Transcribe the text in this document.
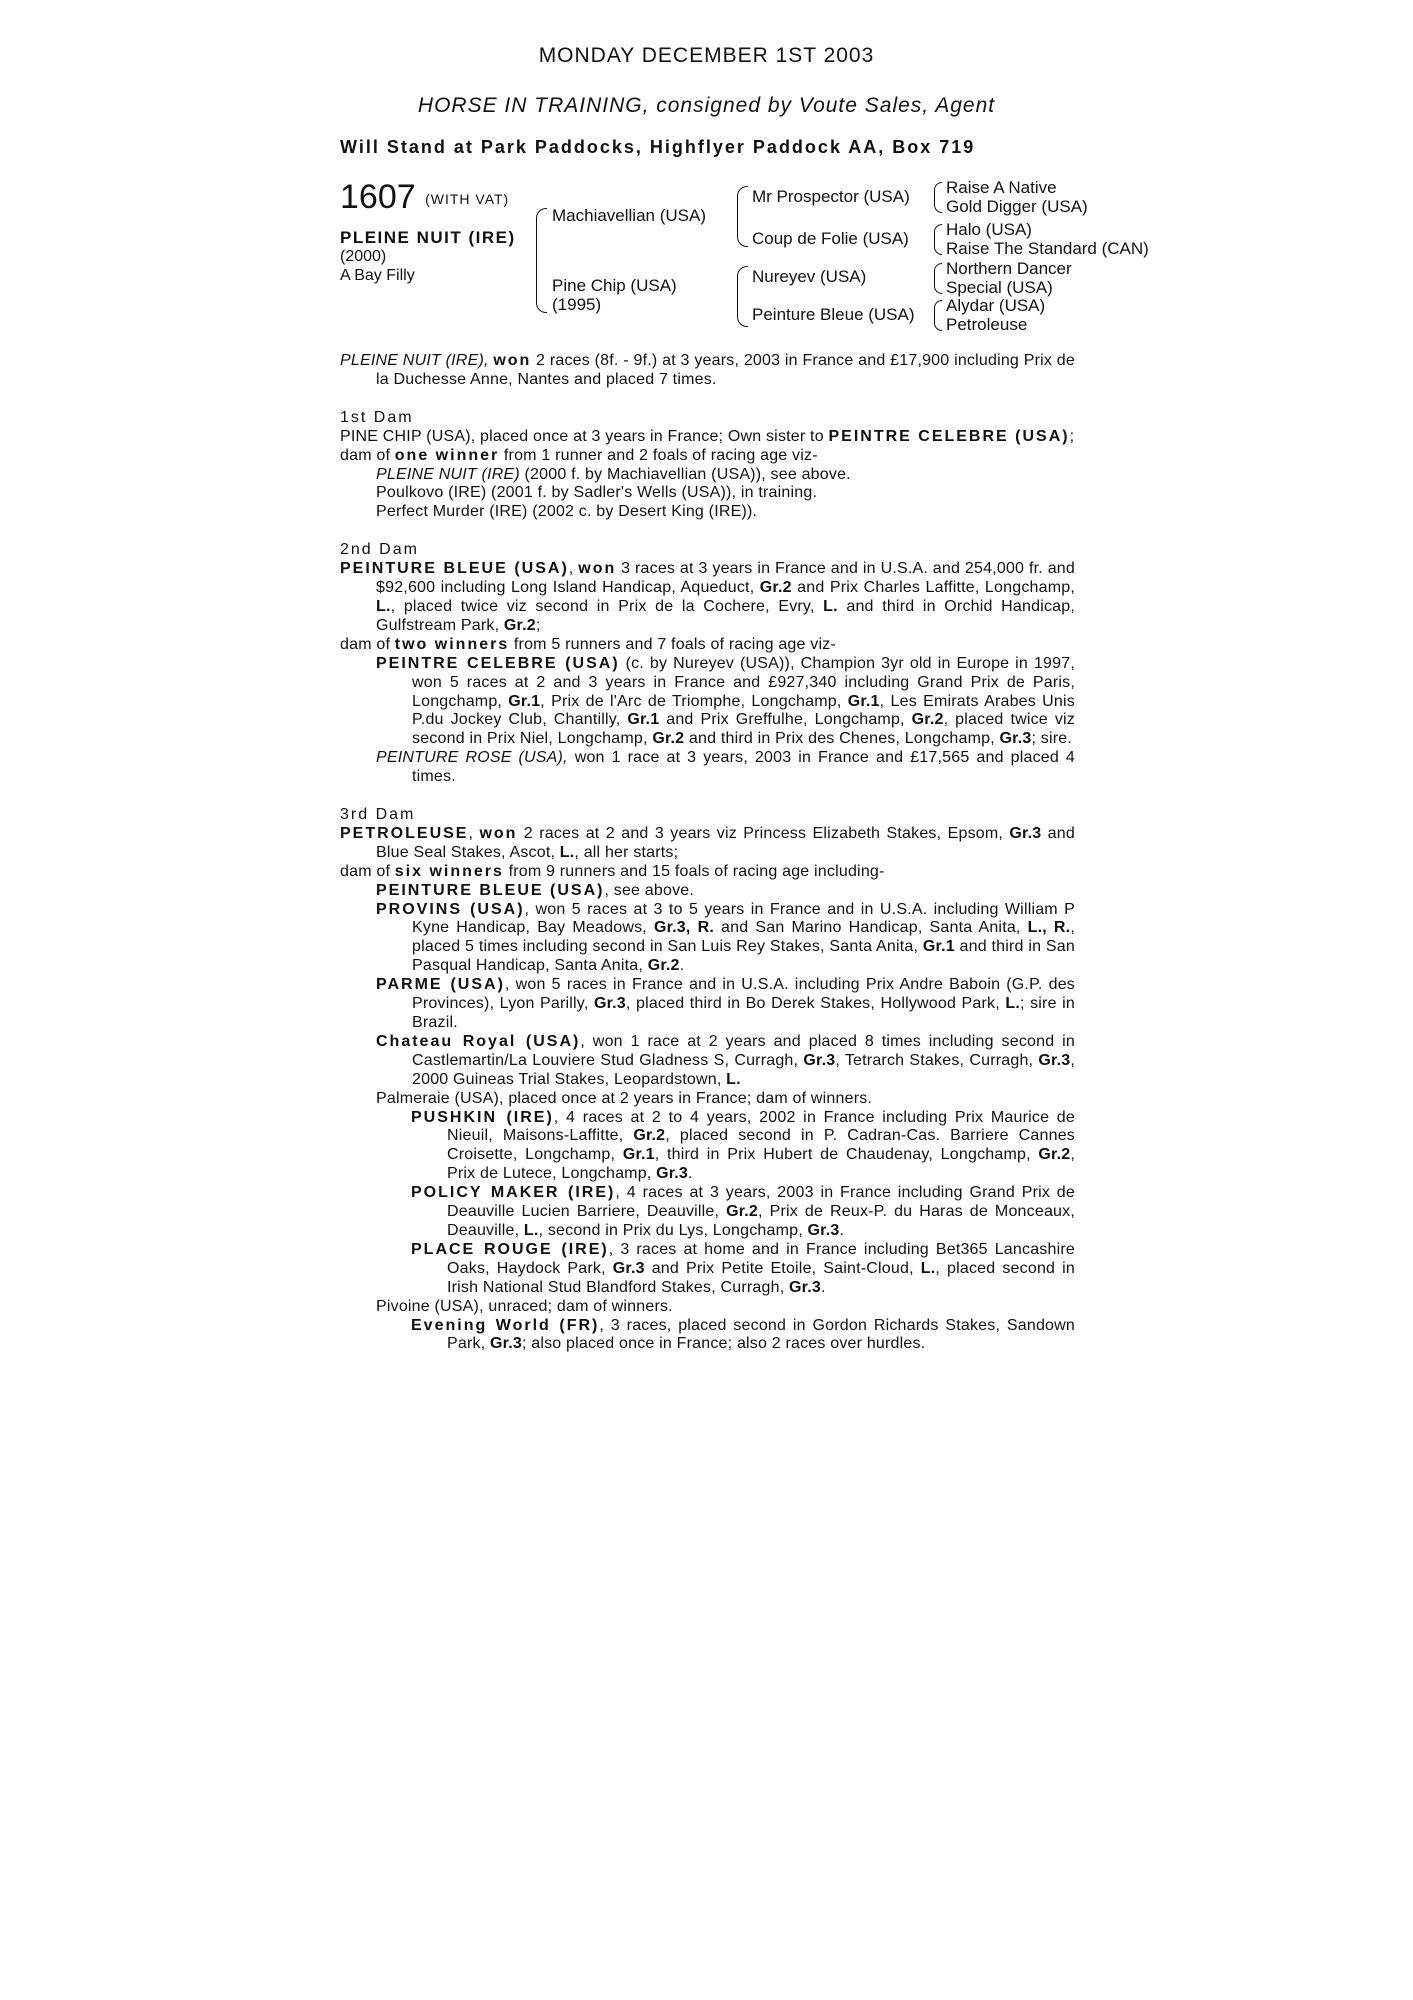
MONDAY DECEMBER 1ST 2003
HORSE IN TRAINING, consigned by Voute Sales, Agent
Will Stand at Park Paddocks, Highflyer Paddock AA, Box 719
1607 (WITH VAT)
PLEINE NUIT (IRE)
(2000)
A Bay Filly
Machiavellian (USA)
Pine Chip (USA)
(1995)
Mr Prospector (USA)
Coup de Folie (USA)
Nureyev (USA)
Peinture Bleue (USA)
Raise A Native
Gold Digger (USA)
Halo (USA)
Raise The Standard (CAN)
Northern Dancer
Special (USA)
Alydar (USA)
Petroleuse

PLEINE NUIT (IRE), won 2 races (8f. - 9f.) at 3 years, 2003 in France and £17,900 including Prix de la Duchesse Anne, Nantes and placed 7 times.

1st Dam

PINE CHIP (USA), placed once at 3 years in France; Own sister to PEINTRE CELEBRE (USA);

dam of one winner from 1 runner and 2 foals of racing age viz-

PLEINE NUIT (IRE) (2000 f. by Machiavellian (USA)), see above.

Poulkovo (IRE) (2001 f. by Sadler's Wells (USA)), in training.

Perfect Murder (IRE) (2002 c. by Desert King (IRE)).

2nd Dam

PEINTURE BLEUE (USA), won 3 races at 3 years in France and in U.S.A. and 254,000 fr. and $92,600 including Long Island Handicap, Aqueduct, Gr.2 and Prix Charles Laffitte, Longchamp, L., placed twice viz second in Prix de la Cochere, Evry, L. and third in Orchid Handicap, Gulfstream Park, Gr.2;

dam of two winners from 5 runners and 7 foals of racing age viz-

PEINTRE CELEBRE (USA) (c. by Nureyev (USA)), Champion 3yr old in Europe in 1997, won 5 races at 2 and 3 years in France and £927,340 including Grand Prix de Paris, Longchamp, Gr.1, Prix de l'Arc de Triomphe, Longchamp, Gr.1, Les Emirats Arabes Unis P.du Jockey Club, Chantilly, Gr.1 and Prix Greffulhe, Longchamp, Gr.2, placed twice viz second in Prix Niel, Longchamp, Gr.2 and third in Prix des Chenes, Longchamp, Gr.3; sire.

PEINTURE ROSE (USA), won 1 race at 3 years, 2003 in France and £17,565 and placed 4 times.

3rd Dam

PETROLEUSE, won 2 races at 2 and 3 years viz Princess Elizabeth Stakes, Epsom, Gr.3 and Blue Seal Stakes, Ascot, L., all her starts;

dam of six winners from 9 runners and 15 foals of racing age including-

PEINTURE BLEUE (USA), see above.

PROVINS (USA), won 5 races at 3 to 5 years in France and in U.S.A. including William P Kyne Handicap, Bay Meadows, Gr.3, R. and San Marino Handicap, Santa Anita, L., R., placed 5 times including second in San Luis Rey Stakes, Santa Anita, Gr.1 and third in San Pasqual Handicap, Santa Anita, Gr.2.

PARME (USA), won 5 races in France and in U.S.A. including Prix Andre Baboin (G.P. des Provinces), Lyon Parilly, Gr.3, placed third in Bo Derek Stakes, Hollywood Park, L.; sire in Brazil.

Chateau Royal (USA), won 1 race at 2 years and placed 8 times including second in Castlemartin/La Louviere Stud Gladness S, Curragh, Gr.3, Tetrarch Stakes, Curragh, Gr.3, 2000 Guineas Trial Stakes, Leopardstown, L.

Palmeraie (USA), placed once at 2 years in France; dam of winners.

PUSHKIN (IRE), 4 races at 2 to 4 years, 2002 in France including Prix Maurice de Nieuil, Maisons-Laffitte, Gr.2, placed second in P. Cadran-Cas. Barriere Cannes Croisette, Longchamp, Gr.1, third in Prix Hubert de Chaudenay, Longchamp, Gr.2, Prix de Lutece, Longchamp, Gr.3.

POLICY MAKER (IRE), 4 races at 3 years, 2003 in France including Grand Prix de Deauville Lucien Barriere, Deauville, Gr.2, Prix de Reux-P. du Haras de Monceaux, Deauville, L., second in Prix du Lys, Longchamp, Gr.3.

PLACE ROUGE (IRE), 3 races at home and in France including Bet365 Lancashire Oaks, Haydock Park, Gr.3 and Prix Petite Etoile, Saint-Cloud, L., placed second in Irish National Stud Blandford Stakes, Curragh, Gr.3.

Pivoine (USA), unraced; dam of winners.

Evening World (FR), 3 races, placed second in Gordon Richards Stakes, Sandown Park, Gr.3; also placed once in France; also 2 races over hurdles.
